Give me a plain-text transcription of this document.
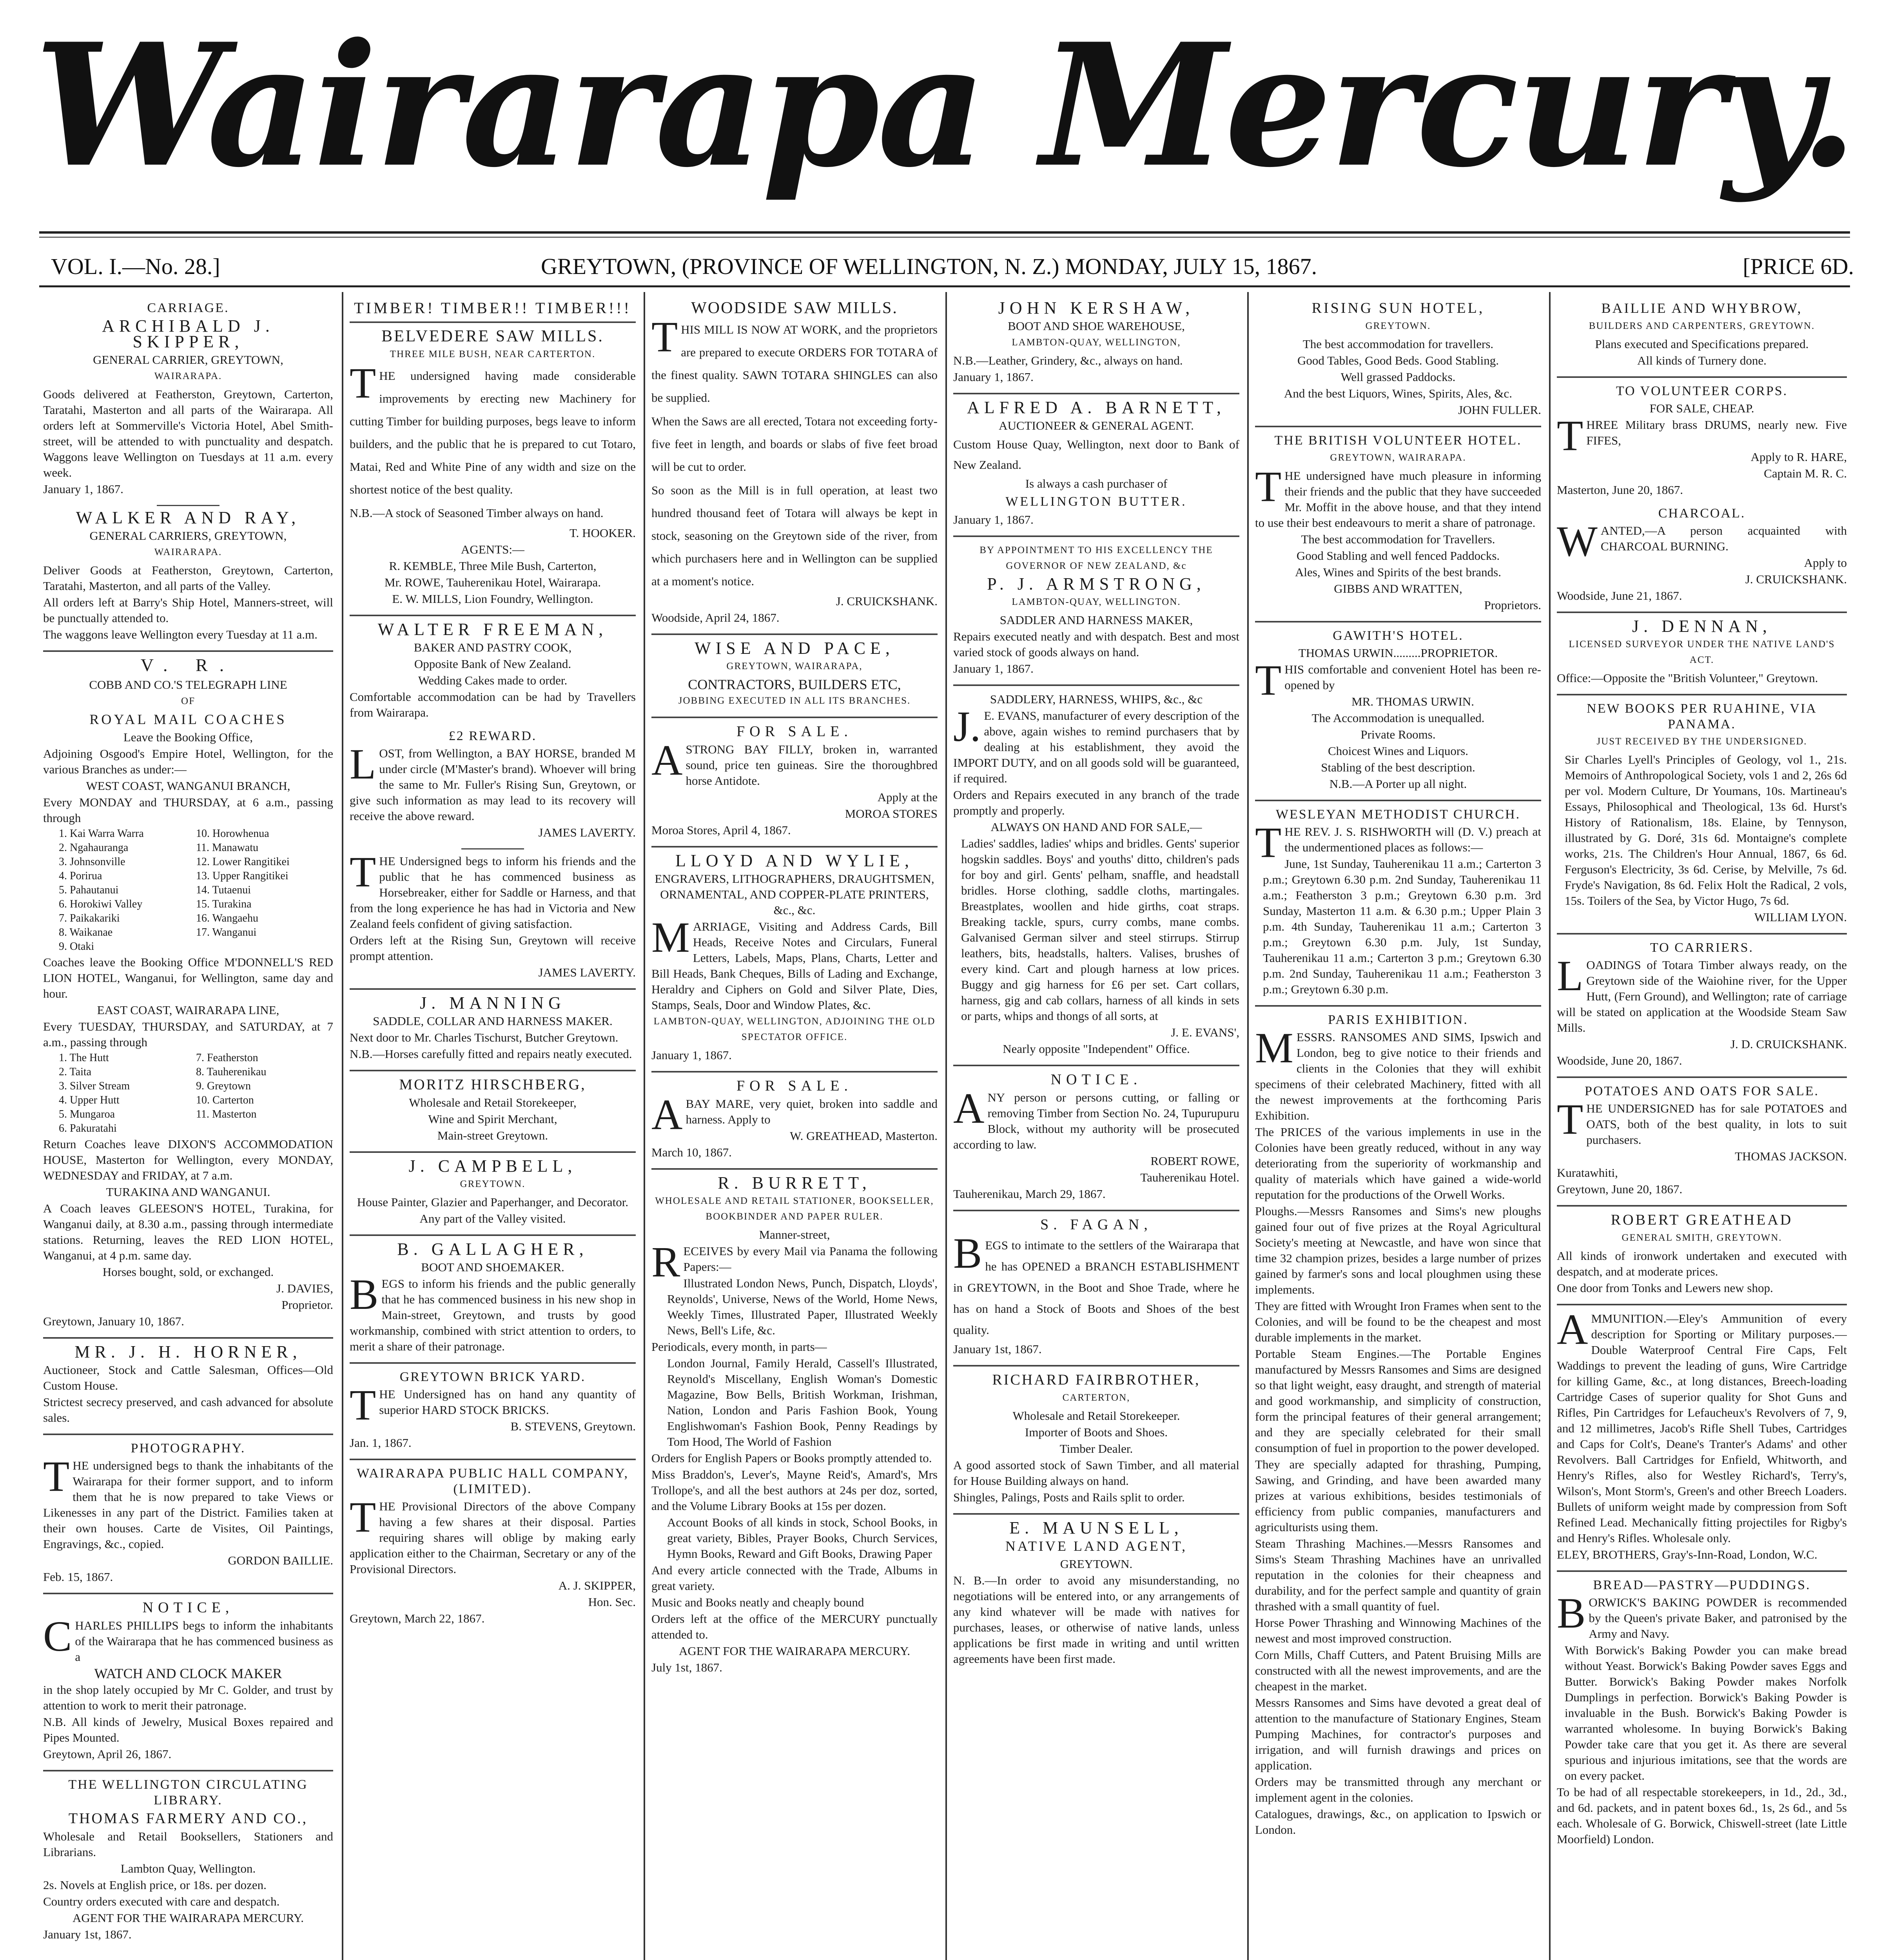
Wairarapa Mercury.
VOL. I.—No. 28.]	GREYTOWN, (PROVINCE OF WELLINGTON, N. Z.) MONDAY, JULY 15, 1867.	[PRICE 6D.
CARRIAGE.
ARCHIBALD J. SKIPPER,
GENERAL CARRIER, GREYTOWN,
WAIRARAPA.
Goods delivered at Featherston, Greytown, Carterton, Taratahi, Masterton and all parts of the Wairarapa. All orders left at Sommerville's Victoria Hotel, Abel Smith-street, will be attended to with punctuality and despatch. Waggons leave Wellington on Tuesdays at 11 a.m. every week.
January 1, 1867.
WALKER AND RAY,
GENERAL CARRIERS, GREYTOWN,
WAIRARAPA.
Deliver Goods at Featherston, Greytown, Carterton, Taratahi, Masterton, and all parts of the Valley.
All orders left at Barry's Ship Hotel, Manners-street, will be punctually attended to.
The waggons leave Wellington every Tuesday at 11 a.m.
V. R.
COBB AND CO.'S TELEGRAPH LINE
OF
ROYAL MAIL COACHES
Leave the Booking Office,
Adjoining Osgood's Empire Hotel, Wellington, for the various Branches as under:—
WEST COAST, WANGANUI BRANCH,
Every MONDAY and THURSDAY, at 6 a.m., passing through
1. Kai Warra Warra	10. Horowhenua
2. Ngahauranga	11. Manawatu
3. Johnsonville	12. Lower Rangitikei
4. Porirua	13. Upper Rangitikei
5. Pahautanui	14. Tutaenui
6. Horokiwi Valley	15. Turakina
7. Paikakariki	16. Wangaehu
8. Waikanae	17. Wanganui
9. Otaki
Coaches leave the Booking Office M'DONNELL'S RED LION HOTEL, Wanganui, for Wellington, same day and hour.
EAST COAST, WAIRARAPA LINE,
Every TUESDAY, THURSDAY, and SATURDAY, at 7 a.m., passing through
1. The Hutt	7. Featherston
2. Taita	8. Tauherenikau
3. Silver Stream	9. Greytown
4. Upper Hutt	10. Carterton
5. Mungaroa	11. Masterton
6. Pakuratahi
Return Coaches leave DIXON'S ACCOMMODATION HOUSE, Masterton for Wellington, every MONDAY, WEDNESDAY and FRIDAY, at 7 a.m.
TURAKINA AND WANGANUI.
A Coach leaves GLEESON'S HOTEL, Turakina, for Wanganui daily, at 8.30 a.m., passing through intermediate stations. Returning, leaves the RED LION HOTEL, Wanganui, at 4 p.m. same day.
Horses bought, sold, or exchanged.
J. DAVIES,
Proprietor.
Greytown, January 10, 1867.
MR. J. H. HORNER,
Auctioneer, Stock and Cattle Salesman, Offices—Old Custom House.
Strictest secrecy preserved, and cash advanced for absolute sales.
PHOTOGRAPHY.
THE undersigned begs to thank the inhabitants of the Wairarapa for their former support, and to inform them that he is now prepared to take Views or Likenesses in any part of the District. Families taken at their own houses. Carte de Visites, Oil Paintings, Engravings, &c., copied.
GORDON BAILLIE.
Feb. 15, 1867.
NOTICE,
CHARLES PHILLIPS begs to inform the inhabitants of the Wairarapa that he has commenced business as a
WATCH AND CLOCK MAKER
in the shop lately occupied by Mr C. Golder, and trust by attention to work to merit their patronage.
N.B. All kinds of Jewelry, Musical Boxes repaired and Pipes Mounted.
Greytown, April 26, 1867.
THE WELLINGTON CIRCULATING LIBRARY.
THOMAS FARMERY AND CO.,
Wholesale and Retail Booksellers, Stationers and Librarians.
Lambton Quay, Wellington.
2s. Novels at English price, or 18s. per dozen.
Country orders executed with care and despatch.
AGENT FOR THE WAIRARAPA MERCURY.
January 1st, 1867.
TIMBER! TIMBER!! TIMBER!!!
BELVEDERE SAW MILLS.
THREE MILE BUSH, NEAR CARTERTON.
THE undersigned having made considerable improvements by erecting new Machinery for cutting Timber for building purposes, begs leave to inform builders, and the public that he is prepared to cut Totaro, Matai, Red and White Pine of any width and size on the shortest notice of the best quality.
N.B.—A stock of Seasoned Timber always on hand.
T. HOOKER.
AGENTS:—
R. KEMBLE, Three Mile Bush, Carterton,
Mr. ROWE, Tauherenikau Hotel, Wairarapa.
E. W. MILLS, Lion Foundry, Wellington.
WALTER FREEMAN,
BAKER AND PASTRY COOK,
Opposite Bank of New Zealand.
Wedding Cakes made to order.
Comfortable accommodation can be had by Travellers from Wairarapa.
£2 REWARD.
LOST, from Wellington, a BAY HORSE, branded M under circle (M'Master's brand). Whoever will bring the same to Mr. Fuller's Rising Sun, Greytown, or give such information as may lead to its recovery will receive the above reward.
JAMES LAVERTY.
THE Undersigned begs to inform his friends and the public that he has commenced business as Horsebreaker, either for Saddle or Harness, and that from the long experience he has had in Victoria and New Zealand feels confident of giving satisfaction.
Orders left at the Rising Sun, Greytown will receive prompt attention.
JAMES LAVERTY.
J. MANNING
SADDLE, COLLAR AND HARNESS MAKER.
Next door to Mr. Charles Tischurst, Butcher Greytown.
N.B.—Horses carefully fitted and repairs neatly executed.
MORITZ HIRSCHBERG,
Wholesale and Retail Storekeeper,
Wine and Spirit Merchant,
Main-street Greytown.
J. CAMPBELL,
GREYTOWN.
House Painter, Glazier and Paperhanger, and Decorator.
Any part of the Valley visited.
B. GALLAGHER,
BOOT AND SHOEMAKER.
BEGS to inform his friends and the public generally that he has commenced business in his new shop in Main-street, Greytown, and trusts by good workmanship, combined with strict attention to orders, to merit a share of their patronage.
GREYTOWN BRICK YARD.
THE Undersigned has on hand any quantity of superior HARD STOCK BRICKS.
B. STEVENS, Greytown.
Jan. 1, 1867.
WAIRARAPA PUBLIC HALL COMPANY, (LIMITED).
THE Provisional Directors of the above Company having a few shares at their disposal. Parties requiring shares will oblige by making early application either to the Chairman, Secretary or any of the Provisional Directors.
A. J. SKIPPER,
Hon. Sec.
Greytown, March 22, 1867.
WOODSIDE SAW MILLS.
THIS MILL IS NOW AT WORK, and the proprietors are prepared to execute ORDERS FOR TOTARA of the finest quality. SAWN TOTARA SHINGLES can also be supplied.
When the Saws are all erected, Totara not exceeding forty-five feet in length, and boards or slabs of five feet broad will be cut to order.
So soon as the Mill is in full operation, at least two hundred thousand feet of Totara will always be kept in stock, seasoning on the Greytown side of the river, from which purchasers here and in Wellington can be supplied at a moment's notice.
J. CRUICKSHANK.
Woodside, April 24, 1867.
WISE AND PACE,
GREYTOWN, WAIRARAPA,
CONTRACTORS, BUILDERS ETC,
JOBBING EXECUTED IN ALL ITS BRANCHES.
FOR SALE.
ASTRONG BAY FILLY, broken in, warranted sound, price ten guineas. Sire the thoroughbred horse Antidote.
Apply at the
MOROA STORES
Moroa Stores, April 4, 1867.
LLOYD AND WYLIE,
ENGRAVERS, LITHOGRAPHERS, DRAUGHTSMEN, ORNAMENTAL, AND COPPER-PLATE PRINTERS, &c., &c.
MARRIAGE, Visiting and Address Cards, Bill Heads, Receive Notes and Circulars, Funeral Letters, Labels, Maps, Plans, Charts, Letter and Bill Heads, Bank Cheques, Bills of Lading and Exchange, Heraldry and Ciphers on Gold and Silver Plate, Dies, Stamps, Seals, Door and Window Plates, &c.
LAMBTON-QUAY, WELLINGTON, ADJOINING THE OLD SPECTATOR OFFICE.
January 1, 1867.
FOR SALE.
ABAY MARE, very quiet, broken into saddle and harness. Apply to
W. GREATHEAD, Masterton.
March 10, 1867.
R. BURRETT,
WHOLESALE AND RETAIL STATIONER, BOOKSELLER, BOOKBINDER AND PAPER RULER.
Manner-street,
RECEIVES by every Mail via Panama the following Papers:—
Illustrated London News, Punch, Dispatch, Lloyds', Reynolds', Universe, News of the World, Home News, Weekly Times, Illustrated Paper, Illustrated Weekly News, Bell's Life, &c.
Periodicals, every month, in parts—
London Journal, Family Herald, Cassell's Illustrated, Reynold's Miscellany, English Woman's Domestic Magazine, Bow Bells, British Workman, Irishman, Nation, London and Paris Fashion Book, Young Englishwoman's Fashion Book, Penny Readings by Tom Hood, The World of Fashion
Orders for English Papers or Books promptly attended to.
Miss Braddon's, Lever's, Mayne Reid's, Amard's, Mrs Trollope's, and all the best authors at 24s per doz, sorted, and the Volume Library Books at 15s per dozen.
Account Books of all kinds in stock, School Books, in great variety, Bibles, Prayer Books, Church Services, Hymn Books, Reward and Gift Books, Drawing Paper
And every article connected with the Trade, Albums in great variety.
Music and Books neatly and cheaply bound
Orders left at the office of the MERCURY punctually attended to.
AGENT FOR THE WAIRARAPA MERCURY.
July 1st, 1867.
JOHN KERSHAW,
BOOT AND SHOE WAREHOUSE,
LAMBTON-QUAY, WELLINGTON,
N.B.—Leather, Grindery, &c., always on hand.
January 1, 1867.
ALFRED A. BARNETT,
AUCTIONEER & GENERAL AGENT.
Custom House Quay, Wellington, next door to Bank of New Zealand.
Is always a cash purchaser of
WELLINGTON BUTTER.
January 1, 1867.
BY APPOINTMENT TO HIS EXCELLENCY THE GOVERNOR OF NEW ZEALAND, &c
P. J. ARMSTRONG,
LAMBTON-QUAY, WELLINGTON.
SADDLER AND HARNESS MAKER,
Repairs executed neatly and with despatch. Best and most varied stock of goods always on hand.
January 1, 1867.
SADDLERY, HARNESS, WHIPS, &c., &c
J.E. EVANS, manufacturer of every description of the above, again wishes to remind purchasers that by dealing at his establishment, they avoid the IMPORT DUTY, and on all goods sold will be guaranteed, if required.
Orders and Repairs executed in any branch of the trade promptly and properly.
ALWAYS ON HAND AND FOR SALE,—
Ladies' saddles, ladies' whips and bridles. Gents' superior hogskin saddles. Boys' and youths' ditto, children's pads for boy and girl. Gents' pelham, snaffle, and headstall bridles. Horse clothing, saddle cloths, martingales. Breastplates, woollen and hide girths, coat straps. Breaking tackle, spurs, curry combs, mane combs. Galvanised German silver and steel stirrups. Stirrup leathers, bits, headstalls, halters. Valises, brushes of every kind. Cart and plough harness at low prices. Buggy and gig harness for £6 per set. Cart collars, harness, gig and cab collars, harness of all kinds in sets or parts, whips and thongs of all sorts, at
J. E. EVANS',
Nearly opposite "Independent" Office.
NOTICE.
ANY person or persons cutting, or falling or removing Timber from Section No. 24, Tupurupuru Block, without my authority will be prosecuted according to law.
ROBERT ROWE,
Tauherenikau Hotel.
Tauherenikau, March 29, 1867.
S. FAGAN,
BEGS to intimate to the settlers of the Wairarapa that he has OPENED a BRANCH ESTABLISHMENT in GREYTOWN, in the Boot and Shoe Trade, where he has on hand a Stock of Boots and Shoes of the best quality.
January 1st, 1867.
RICHARD FAIRBROTHER,
CARTERTON,
Wholesale and Retail Storekeeper.
Importer of Boots and Shoes.
Timber Dealer.
A good assorted stock of Sawn Timber, and all material for House Building always on hand.
Shingles, Palings, Posts and Rails split to order.
E. MAUNSELL,
NATIVE LAND AGENT,
GREYTOWN.
N. B.—In order to avoid any misunderstanding, no negotiations will be entered into, or any arrangements of any kind whatever will be made with natives for purchases, leases, or otherwise of native lands, unless applications be first made in writing and until written agreements have been first made.
RISING SUN HOTEL,
GREYTOWN.
The best accommodation for travellers.
Good Tables, Good Beds. Good Stabling.
Well grassed Paddocks.
And the best Liquors, Wines, Spirits, Ales, &c.
JOHN FULLER.
THE BRITISH VOLUNTEER HOTEL.
GREYTOWN, WAIRARAPA.
THE undersigned have much pleasure in informing their friends and the public that they have succeeded Mr. Moffit in the above house, and that they intend to use their best endeavours to merit a share of patronage.
The best accommodation for Travellers.
Good Stabling and well fenced Paddocks.
Ales, Wines and Spirits of the best brands.
GIBBS AND WRATTEN,
Proprietors.
GAWITH'S HOTEL.
THOMAS URWIN.........PROPRIETOR.
THIS comfortable and convenient Hotel has been re-opened by
MR. THOMAS URWIN.
The Accommodation is unequalled.
Private Rooms.
Choicest Wines and Liquors.
Stabling of the best description.
N.B.—A Porter up all night.
WESLEYAN METHODIST CHURCH.
THE REV. J. S. RISHWORTH will (D. V.) preach at the undermentioned places as follows:—
June, 1st Sunday, Tauherenikau 11 a.m.; Carterton 3 p.m.; Greytown 6.30 p.m. 2nd Sunday, Tauherenikau 11 a.m.; Featherston 3 p.m.; Greytown 6.30 p.m. 3rd Sunday, Masterton 11 a.m. & 6.30 p.m.; Upper Plain 3 p.m. 4th Sunday, Tauherenikau 11 a.m.; Carterton 3 p.m.; Greytown 6.30 p.m. July, 1st Sunday, Tauherenikau 11 a.m.; Carterton 3 p.m.; Greytown 6.30 p.m. 2nd Sunday, Tauherenikau 11 a.m.; Featherston 3 p.m.; Greytown 6.30 p.m.
PARIS EXHIBITION.
MESSRS. RANSOMES AND SIMS, Ipswich and London, beg to give notice to their friends and clients in the Colonies that they will exhibit specimens of their celebrated Machinery, fitted with all the newest improvements at the forthcoming Paris Exhibition.
The PRICES of the various implements in use in the Colonies have been greatly reduced, without in any way deteriorating from the superiority of workmanship and quality of materials which have gained a wide-world reputation for the productions of the Orwell Works.
Ploughs.—Messrs Ransomes and Sims's new ploughs gained four out of five prizes at the Royal Agricultural Society's meeting at Newcastle, and have won since that time 32 champion prizes, besides a large number of prizes gained by farmer's sons and local ploughmen using these implements.
They are fitted with Wrought Iron Frames when sent to the Colonies, and will be found to be the cheapest and most durable implements in the market.
Portable Steam Engines.—The Portable Engines manufactured by Messrs Ransomes and Sims are designed so that light weight, easy draught, and strength of material and good workmanship, and simplicity of construction, form the principal features of their general arrangement; and they are specially celebrated for their small consumption of fuel in proportion to the power developed.
They are specially adapted for thrashing, Pumping, Sawing, and Grinding, and have been awarded many prizes at various exhibitions, besides testimonials of efficiency from public companies, manufacturers and agriculturists using them.
Steam Thrashing Machines.—Messrs Ransomes and Sims's Steam Thrashing Machines have an unrivalled reputation in the colonies for their cheapness and durability, and for the perfect sample and quantity of grain thrashed with a small quantity of fuel.
Horse Power Thrashing and Winnowing Machines of the newest and most improved construction.
Corn Mills, Chaff Cutters, and Patent Bruising Mills are constructed with all the newest improvements, and are the cheapest in the market.
Messrs Ransomes and Sims have devoted a great deal of attention to the manufacture of Stationary Engines, Steam Pumping Machines, for contractor's purposes and irrigation, and will furnish drawings and prices on application.
Orders may be transmitted through any merchant or implement agent in the colonies.
Catalogues, drawings, &c., on application to Ipswich or London.
BAILLIE AND WHYBROW,
BUILDERS AND CARPENTERS, GREYTOWN.
Plans executed and Specifications prepared.
All kinds of Turnery done.
TO VOLUNTEER CORPS.
FOR SALE, CHEAP.
THREE Military brass DRUMS, nearly new. Five FIFES,
Apply to R. HARE,
Captain M. R. C.
Masterton, June 20, 1867.
CHARCOAL.
WANTED,—A person acquainted with CHARCOAL BURNING.
Apply to
J. CRUICKSHANK.
Woodside, June 21, 1867.
J. DENNAN,
LICENSED SURVEYOR UNDER THE NATIVE LAND'S ACT.
Office:—Opposite the "British Volunteer," Greytown.
NEW BOOKS PER RUAHINE, VIA PANAMA.
JUST RECEIVED BY THE UNDERSIGNED.
Sir Charles Lyell's Principles of Geology, vol 1., 21s. Memoirs of Anthropological Society, vols 1 and 2, 26s 6d per vol. Modern Culture, Dr Youmans, 10s. Martineau's Essays, Philosophical and Theological, 13s 6d. Hurst's History of Rationalism, 18s. Elaine, by Tennyson, illustrated by G. Doré, 31s 6d. Montaigne's complete works, 21s. The Children's Hour Annual, 1867, 6s 6d. Ferguson's Electricity, 3s 6d. Cerise, by Melville, 7s 6d. Fryde's Navigation, 8s 6d. Felix Holt the Radical, 2 vols, 15s. Toilers of the Sea, by Victor Hugo, 7s 6d.
WILLIAM LYON.
TO CARRIERS.
LOADINGS of Totara Timber always ready, on the Greytown side of the Waiohine river, for the Upper Hutt, (Fern Ground), and Wellington; rate of carriage will be stated on application at the Woodside Steam Saw Mills.
J. D. CRUICKSHANK.
Woodside, June 20, 1867.
POTATOES AND OATS FOR SALE.
THE UNDERSIGNED has for sale POTATOES and OATS, both of the best quality, in lots to suit purchasers.
THOMAS JACKSON.
Kuratawhiti,
Greytown, June 20, 1867.
ROBERT GREATHEAD
GENERAL SMITH, GREYTOWN.
All kinds of ironwork undertaken and executed with despatch, and at moderate prices.
One door from Tonks and Lewers new shop.
AMMUNITION.—Eley's Ammunition of every description for Sporting or Military purposes.—Double Waterproof Central Fire Caps, Felt Waddings to prevent the leading of guns, Wire Cartridge for killing Game, &c., at long distances, Breech-loading Cartridge Cases of superior quality for Shot Guns and Rifles, Pin Cartridges for Lefaucheux's Revolvers of 7, 9, and 12 millimetres, Jacob's Rifle Shell Tubes, Cartridges and Caps for Colt's, Deane's Tranter's Adams' and other Revolvers. Ball Cartridges for Enfield, Whitworth, and Henry's Rifles, also for Westley Richard's, Terry's, Wilson's, Mont Storm's, Green's and other Breech Loaders. Bullets of uniform weight made by compression from Soft Refined Lead. Mechanically fitting projectiles for Rigby's and Henry's Rifles. Wholesale only.
ELEY, BROTHERS, Gray's-Inn-Road, London, W.C.
BREAD—PASTRY—PUDDINGS.
BORWICK'S BAKING POWDER is recommended by the Queen's private Baker, and patronised by the Army and Navy.
With Borwick's Baking Powder you can make bread without Yeast. Borwick's Baking Powder saves Eggs and Butter. Borwick's Baking Powder makes Norfolk Dumplings in perfection. Borwick's Baking Powder is invaluable in the Bush. Borwick's Baking Powder is warranted wholesome. In buying Borwick's Baking Powder take care that you get it. As there are several spurious and injurious imitations, see that the words are on every packet.
To be had of all respectable storekeepers, in 1d., 2d., 3d., and 6d. packets, and in patent boxes 6d., 1s, 2s 6d., and 5s each. Wholesale of G. Borwick, Chiswell-street (late Little Moorfield) London.
